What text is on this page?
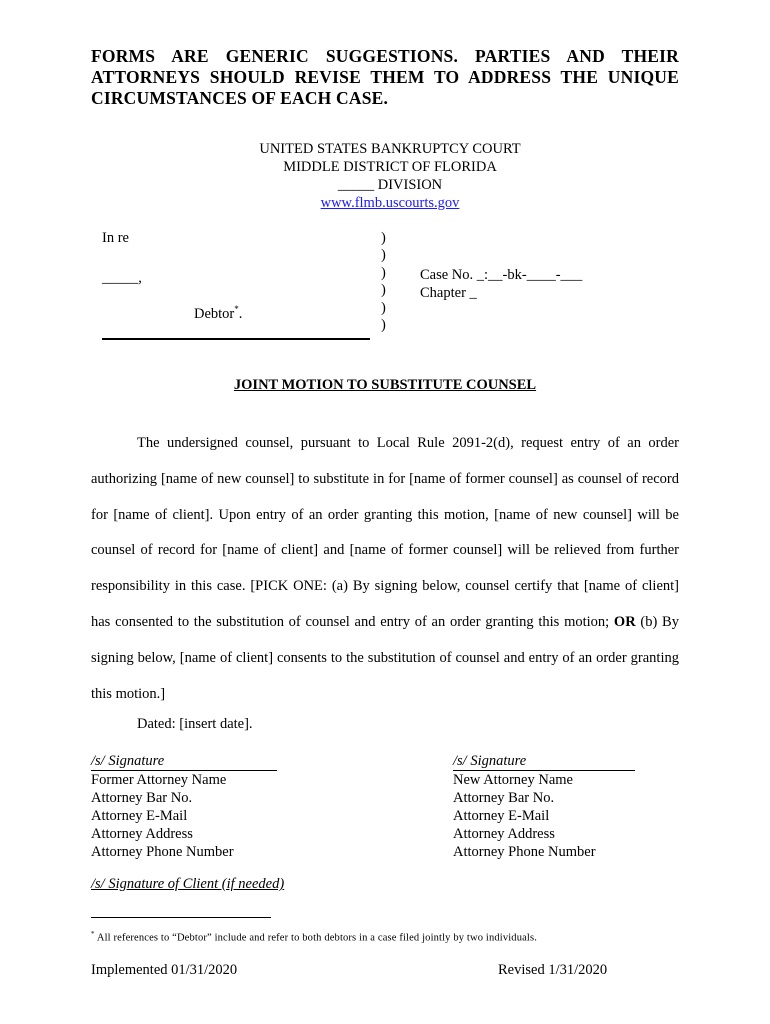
FORMS ARE GENERIC SUGGESTIONS. PARTIES AND THEIR ATTORNEYS SHOULD REVISE THEM TO ADDRESS THE UNIQUE CIRCUMSTANCES OF EACH CASE.
UNITED STATES BANKRUPTCY COURT
MIDDLE DISTRICT OF FLORIDA
_____ DIVISION
www.flmb.uscourts.gov
In re
_____,
Debtor*.
)
)
)
)
)
)
Case No. _:__-bk-____-___
Chapter _
JOINT MOTION TO SUBSTITUTE COUNSEL
The undersigned counsel, pursuant to Local Rule 2091-2(d), request entry of an order authorizing [name of new counsel] to substitute in for [name of former counsel] as counsel of record for [name of client]. Upon entry of an order granting this motion, [name of new counsel] will be counsel of record for [name of client] and [name of former counsel] will be relieved from further responsibility in this case. [PICK ONE: (a) By signing below, counsel certify that [name of client] has consented to the substitution of counsel and entry of an order granting this motion; OR (b) By signing below, [name of client] consents to the substitution of counsel and entry of an order granting this motion.]
Dated: [insert date].
/s/ Signature
Former Attorney Name
Attorney Bar No.
Attorney E-Mail
Attorney Address
Attorney Phone Number
/s/ Signature
New Attorney Name
Attorney Bar No.
Attorney E-Mail
Attorney Address
Attorney Phone Number
/s/ Signature of Client (if needed)
* All references to “Debtor” include and refer to both debtors in a case filed jointly by two individuals.
Implemented 01/31/2020	Revised 1/31/2020
